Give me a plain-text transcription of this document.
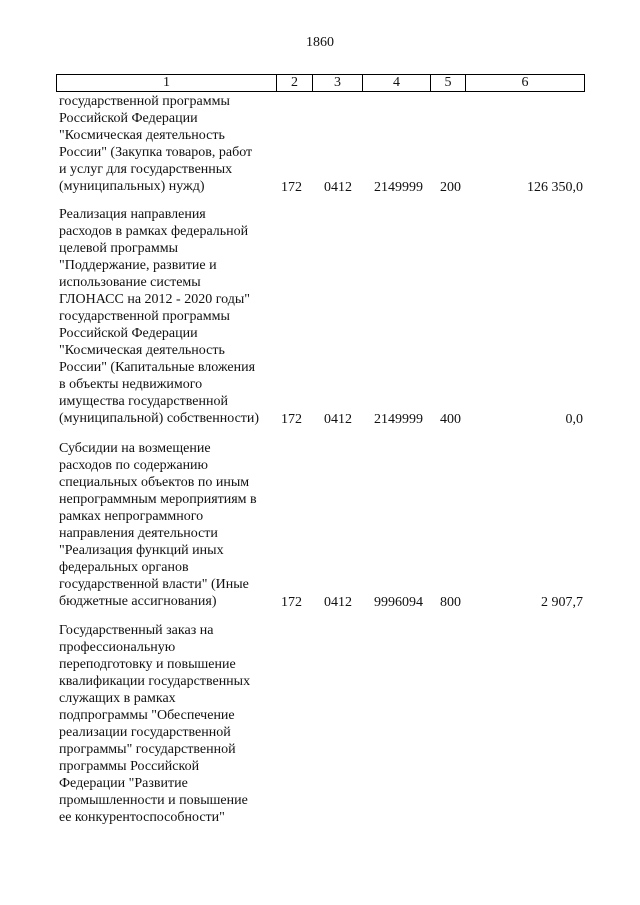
1860
1	2	3	4	5	6
государственной программы
Российской Федерации
"Космическая деятельность
России" (Закупка товаров, работ
и услуг для государственных
(муниципальных) нужд)	172 0412 2149999 200	126 350,0
Реализация направления
расходов в рамках федеральной
целевой программы
"Поддержание, развитие и
использование системы
ГЛОНАСС на 2012 - 2020 годы"
государственной программы
Российской Федерации
"Космическая деятельность
России" (Капитальные вложения
в объекты недвижимого
имущества государственной
(муниципальной) собственности)	172 0412 2149999 400	0,0
Субсидии на возмещение
расходов по содержанию
специальных объектов по иным
непрограммным мероприятиям в
рамках непрограммного
направления деятельности
"Реализация функций иных
федеральных органов
государственной власти" (Иные
бюджетные ассигнования)	172 0412 9996094 800	2 907,7
Государственный заказ на
профессиональную
переподготовку и повышение
квалификации государственных
служащих в рамках
подпрограммы "Обеспечение
реализации государственной
программы" государственной
программы Российской
Федерации "Развитие
промышленности и повышение
ее конкурентоспособности"
